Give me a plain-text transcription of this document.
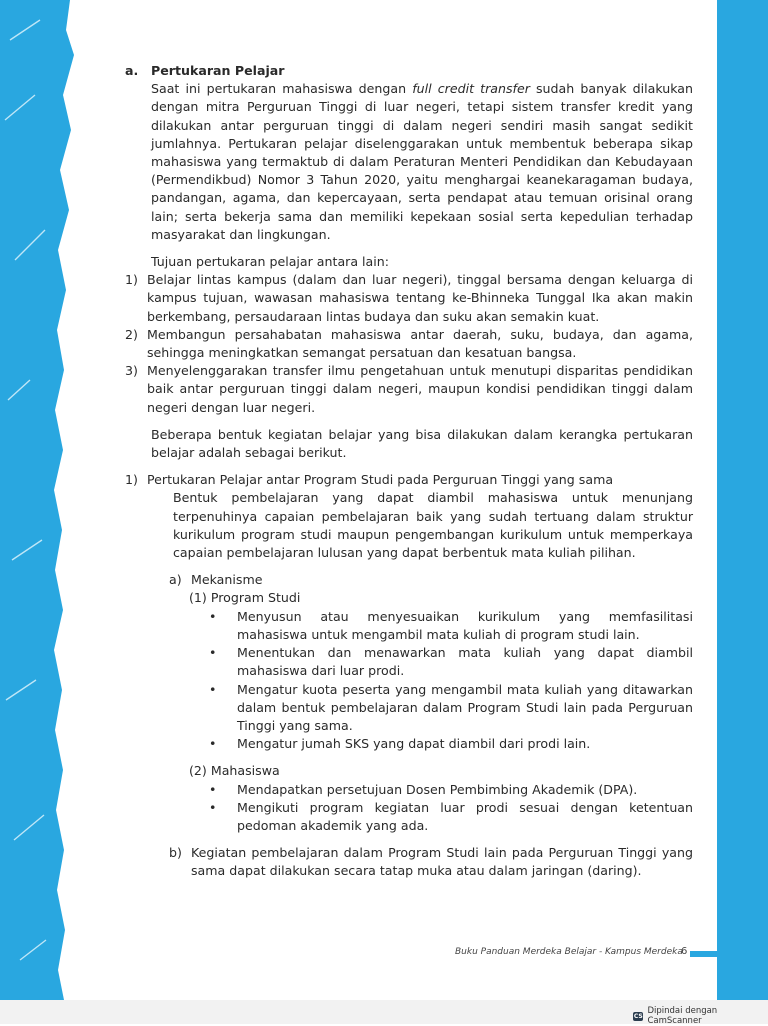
a. Pertukaran Pelajar

Saat ini pertukaran mahasiswa dengan full credit transfer sudah banyak dilakukan dengan mitra Perguruan Tinggi di luar negeri, tetapi sistem transfer kredit yang dilakukan antar perguruan tinggi di dalam negeri sendiri masih sangat sedikit jumlahnya. Pertukaran pelajar diselenggarakan untuk membentuk beberapa sikap mahasiswa yang termaktub di dalam Peraturan Menteri Pendidikan dan Kebudayaan (Permendikbud) Nomor 3 Tahun 2020, yaitu menghargai keanekaragaman budaya, pandangan, agama, dan kepercayaan, serta pendapat atau temuan orisinal orang lain; serta bekerja sama dan memiliki kepekaan sosial serta kepedulian terhadap masyarakat dan lingkungan.

Tujuan pertukaran pelajar antara lain:

1) Belajar lintas kampus (dalam dan luar negeri), tinggal bersama dengan keluarga di kampus tujuan, wawasan mahasiswa tentang ke-Bhinneka Tunggal Ika akan makin berkembang, persaudaraan lintas budaya dan suku akan semakin kuat.
2) Membangun persahabatan mahasiswa antar daerah, suku, budaya, dan agama, sehingga meningkatkan semangat persatuan dan kesatuan bangsa.
3) Menyelenggarakan transfer ilmu pengetahuan untuk menutupi disparitas pendidikan baik antar perguruan tinggi dalam negeri, maupun kondisi pendidikan tinggi dalam negeri dengan luar negeri.

Beberapa bentuk kegiatan belajar yang bisa dilakukan dalam kerangka pertukaran belajar adalah sebagai berikut.

1) Pertukaran Pelajar antar Program Studi pada Perguruan Tinggi yang sama

Bentuk pembelajaran yang dapat diambil mahasiswa untuk menunjang terpenuhinya capaian pembelajaran baik yang sudah tertuang dalam struktur kurikulum program studi maupun pengembangan kurikulum untuk memperkaya capaian pembelajaran lulusan yang dapat berbentuk mata kuliah pilihan.

a) Mekanisme
(1) Program Studi
• Menyusun atau menyesuaikan kurikulum yang memfasilitasi mahasiswa untuk mengambil mata kuliah di program studi lain.
• Menentukan dan menawarkan mata kuliah yang dapat diambil mahasiswa dari luar prodi.
• Mengatur kuota peserta yang mengambil mata kuliah yang ditawarkan dalam bentuk pembelajaran dalam Program Studi lain pada Perguruan Tinggi yang sama.
• Mengatur jumah SKS yang dapat diambil dari prodi lain.
(2) Mahasiswa
• Mendapatkan persetujuan Dosen Pembimbing Akademik (DPA).
• Mengikuti program kegiatan luar prodi sesuai dengan ketentuan pedoman akademik yang ada.
b) Kegiatan pembelajaran dalam Program Studi lain pada Perguruan Tinggi yang sama dapat dilakukan secara tatap muka atau dalam jaringan (daring).
Buku Panduan Merdeka Belajar - Kampus Merdeka
6
CS Dipindai dengan CamScanner
